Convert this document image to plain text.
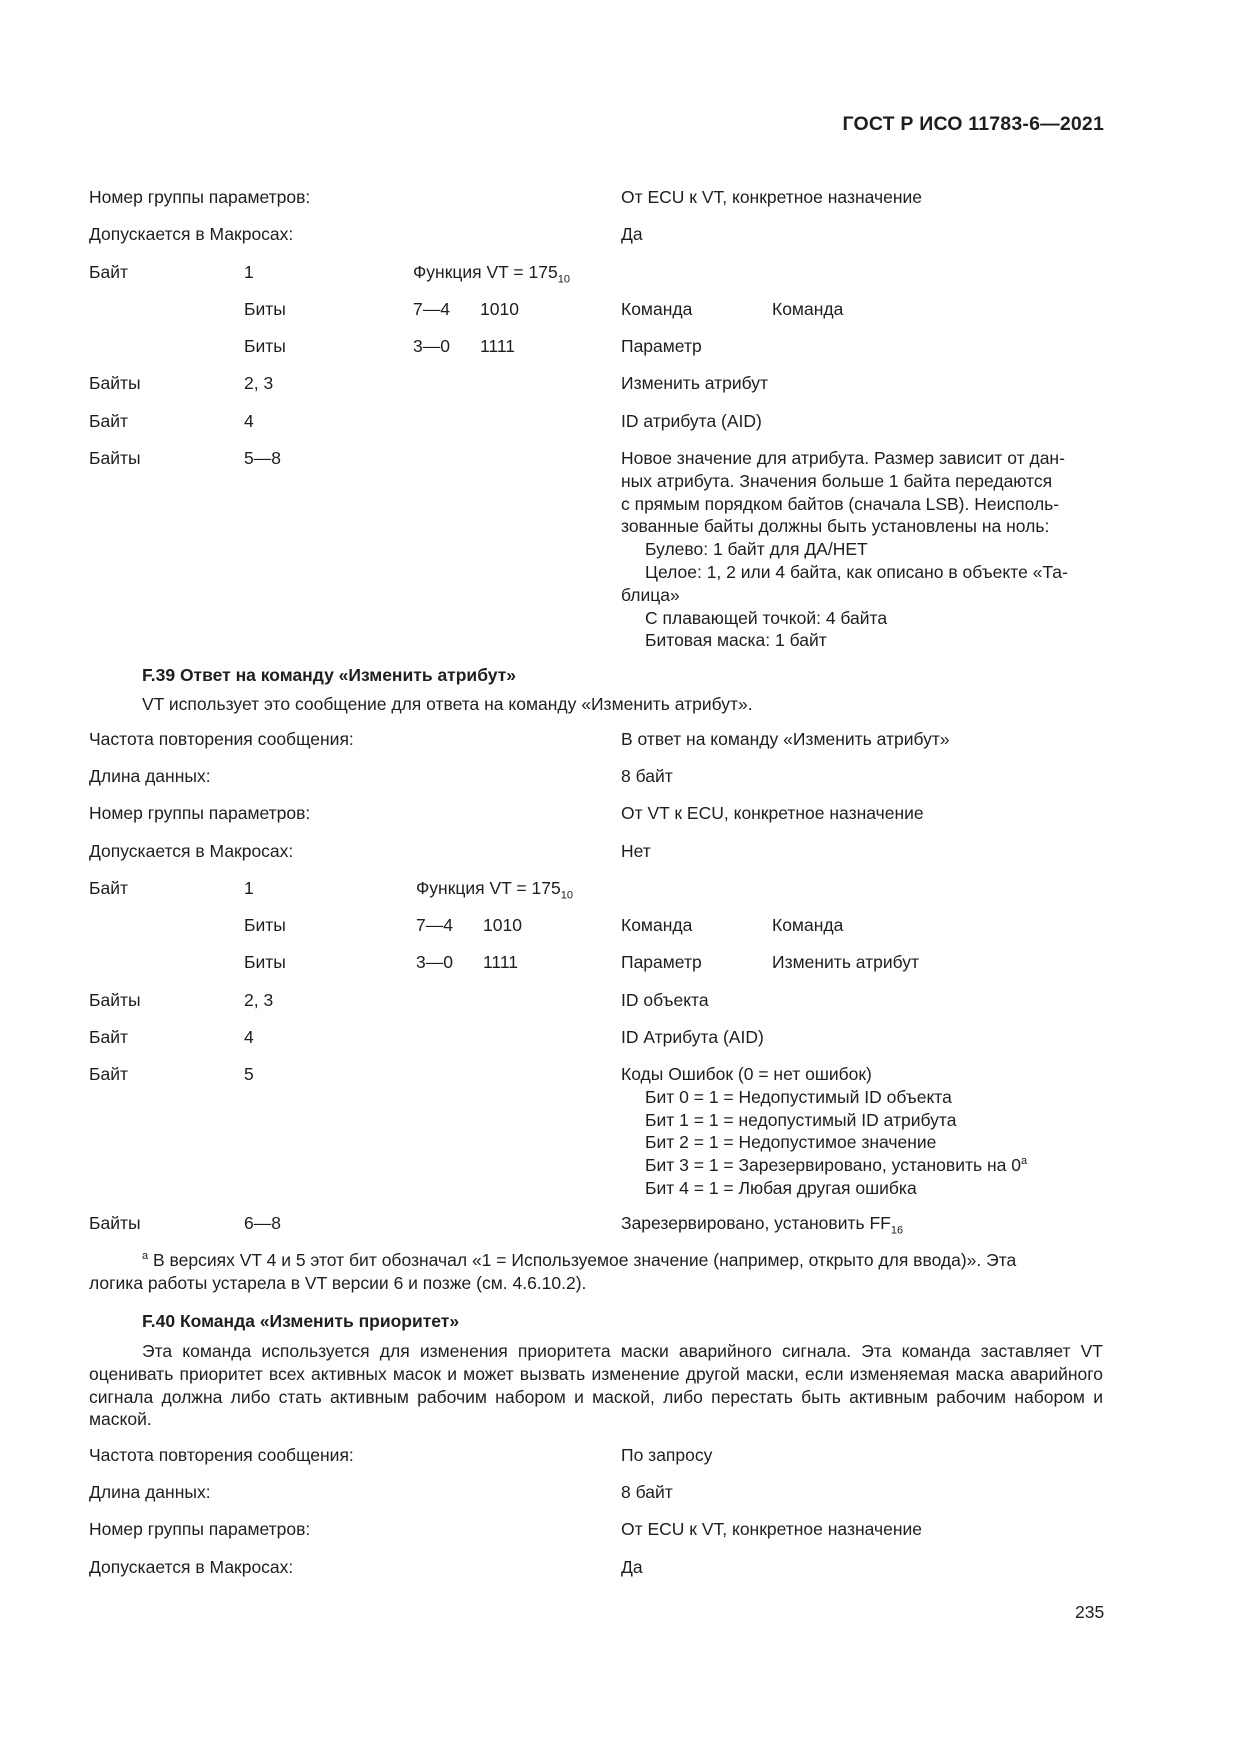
ГОСТ Р ИСО 11783-6—2021
Номер группы параметров:	От ECU к VT, конкретное назначение
Допускается в Макросах:	Да
Байт	1	Функция VT = $175_{10}$
Биты	7—4 1010	Команда	Команда
Биты	3—0 1111	Параметр
Байты	2, 3	Изменить атрибут
Байт	4	ID атрибута (AID)
Байты	5—8	Новое значение для атрибута. Размер зависит от дан-
ных атрибута. Значения больше 1 байта передаются
с прямым порядком байтов (сначала LSB). Неисполь-
зованные байты должны быть установлены на ноль:
Булево: 1 байт для ДА/НЕТ
Целое: 1, 2 или 4 байта, как описано в объекте «Та-
блица»
С плавающей точкой: 4 байта
Битовая маска: 1 байт
F.39 Ответ на команду «Изменить атрибут»
VT использует это сообщение для ответа на команду «Изменить атрибут».
Частота повторения сообщения:	В ответ на команду «Изменить атрибут»
Длина данных:	8 байт
Номер группы параметров:	От VT к ECU, конкретное назначение
Допускается в Макросах:	Нет
Байт	1	Функция VT = $175_{10}$
Биты	7—4 1010	Команда	Команда
Биты	3—0 1111	Параметр	Изменить атрибут
Байты	2, 3	ID объекта
Байт	4	ID Атрибута (AID)
Байт	5	Коды Ошибок (0 = нет ошибок)
Бит 0 = 1 = Недопустимый ID объекта
Бит 1 = 1 = недопустимый ID атрибута
Бит 2 = 1 = Недопустимое значение
Бит 3 = 1 = Зарезервировано, установить на 0$^a$
Бит 4 = 1 = Любая другая ошибка
Байты	6—8	Зарезервировано, установить $FF_{16}$
$^a$ В версиях VT 4 и 5 этот бит обозначал «1 = Используемое значение (например, открыто для ввода)». Эта
логика работы устарела в VT версии 6 и позже (см. 4.6.10.2).
F.40 Команда «Изменить приоритет»
Эта команда используется для изменения приоритета маски аварийного сигнала. Эта команда заставляет VT оценивать приоритет всех активных масок и может вызвать изменение другой маски, если изменяемая маска аварийного сигнала должна либо стать активным рабочим набором и маской, либо перестать быть активным рабочим набором и маской.
Частота повторения сообщения:	По запросу
Длина данных:	8 байт
Номер группы параметров:	От ECU к VT, конкретное назначение
Допускается в Макросах:	Да
235
